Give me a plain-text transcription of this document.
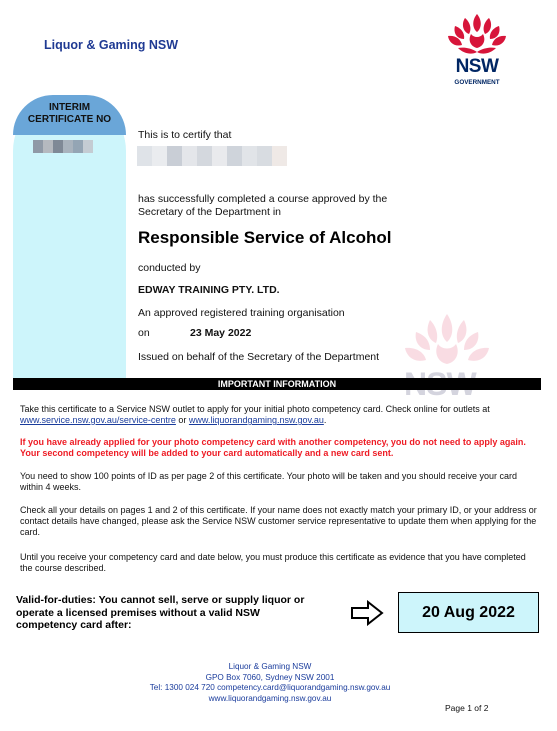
Liquor & Gaming NSW
NSW
GOVERNMENT
INTERIM
CERTIFICATE NO
This is to certify that
has successfully completed a course approved by the
Secretary of the Department in
Responsible Service of Alcohol
conducted by
EDWAY TRAINING PTY. LTD.
An approved registered training organisation
on	23 May 2022
Issued on behalf of the Secretary of the Department
IMPORTANT INFORMATION
Take this certificate to a Service NSW outlet to apply for your initial photo competency card. Check online for outlets at www.service.nsw.gov.au/service-centre or www.liquorandgaming.nsw.gov.au.
If you have already applied for your photo competency card with another competency, you do not need to apply again. Your second competency will be added to your card automatically and a new card sent.
You need to show 100 points of ID as per page 2 of this certificate. Your photo will be taken and you should receive your card within 4 weeks.
Check all your details on pages 1 and 2 of this certificate. If your name does not exactly match your primary ID, or your address or contact details have changed, please ask the Service NSW customer service representative to update them when applying for the card.
Until you receive your competency card and date below, you must produce this certificate as evidence that you have completed the course described.
Valid-for-duties: You cannot sell, serve or supply liquor or
operate a licensed premises without a valid NSW
competency card after:
20 Aug 2022
Liquor & Gaming NSW
GPO Box 7060, Sydney NSW 2001
Tel: 1300 024 720 competency.card@liquorandgaming.nsw.gov.au
www.liquorandgaming.nsw.gov.au
Page 1 of 2
